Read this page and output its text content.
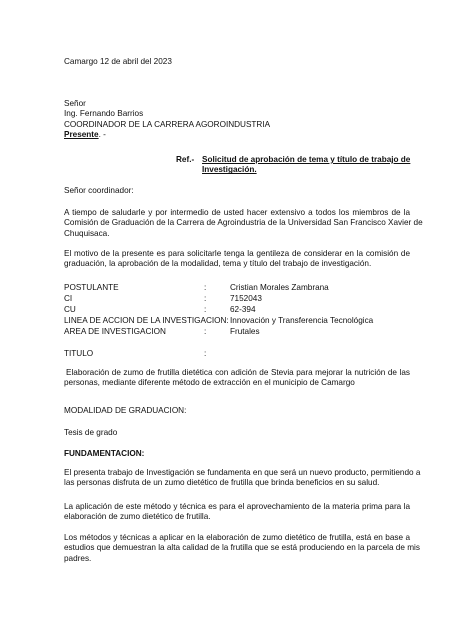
Camargo 12 de abril del 2023
Señor
Ing. Fernando Barrios
COORDINADOR DE LA CARRERA AGOROINDUSTRIA
Presente. -
Ref.- Solicitud de aprobación de tema y título de trabajo de
Investigación.
Señor coordinador:
A tiempo de saludarle y por intermedio de usted hacer extensivo a todos los miembros de la
Comisión de Graduación de la Carrera de Agroindustria de la Universidad San Francisco Xavier de
Chuquisaca.
El motivo de la presente es para solicitarle tenga la gentileza de considerar en la comisión de
graduación, la aprobación de la modalidad, tema y título del trabajo de investigación.
POSTULANTE	:	Cristian Morales Zambrana
CI	:	7152043
CU	:	62-394
LINEA DE ACCION DE LA INVESTIGACION: Innovación y Transferencia Tecnológica
AREA DE INVESTIGACION	:	Frutales
TITULO	:
Elaboración de zumo de frutilla dietética con adición de Stevia para mejorar la nutrición de las
personas, mediante diferente método de extracción en el municipio de Camargo
MODALIDAD DE GRADUACION:
Tesis de grado
FUNDAMENTACION:
El presenta trabajo de Investigación se fundamenta en que será un nuevo producto, permitiendo a
las personas disfruta de un zumo dietético de frutilla que brinda beneficios en su salud.
La aplicación de este método y técnica es para el aprovechamiento de la materia prima para la
elaboración de zumo dietético de frutilla.
Los métodos y técnicas a aplicar en la elaboración de zumo dietético de frutilla, está en base a
estudios que demuestran la alta calidad de la frutilla que se está produciendo en la parcela de mis
padres.
